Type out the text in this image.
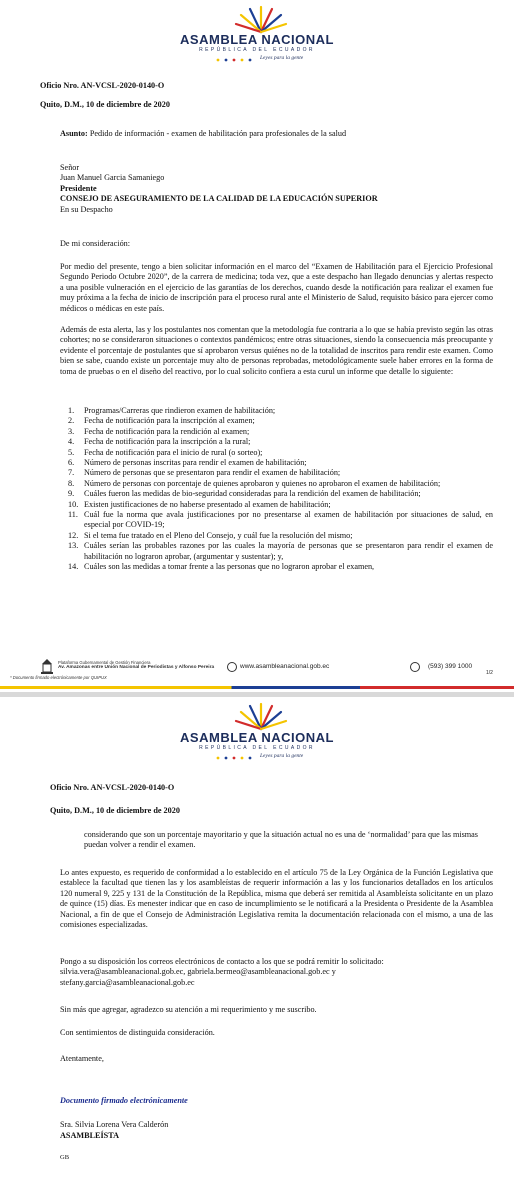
ASAMBLEA NACIONAL
REPÚBLICA DEL ECUADOR
Leyes para la gente
Oficio Nro. AN-VCSL-2020-0140-O
Quito, D.M., 10 de diciembre de 2020
Asunto: Pedido de información - examen de habilitación para profesionales de la salud
Señor
Juan Manuel Garcia Samaniego
Presidente
CONSEJO DE ASEGURAMIENTO DE LA CALIDAD DE LA EDUCACIÓN SUPERIOR
En su Despacho
De mi consideración:
Por medio del presente, tengo a bien solicitar información en el marco del “Examen de Habilitación para el Ejercicio Profesional Segundo Periodo Octubre 2020”, de la carrera de medicina; toda vez, que a este despacho han llegado denuncias y alertas respecto a una posible vulneración en el ejercicio de las garantías de los derechos, cuando desde la notificación para realizar el examen fue muy próxima a la fecha de inicio de inscripción para el proceso rural ante el Ministerio de Salud, requisito básico para ejercer como médicos o médicas en este país.
Además de esta alerta, las y los postulantes nos comentan que la metodología fue contraria a lo que se había previsto según las otras cohortes; no se consideraron situaciones o contextos pandémicos; entre otras situaciones, siendo la consecuencia más preocupante y evidente el porcentaje de postulantes que sí aprobaron versus quiénes no de la totalidad de inscritos para rendir este examen. Como bien se sabe, cuando existe un porcentaje muy alto de personas reprobadas, metodológicamente suele haber errores en la forma de toma de pruebas o en el diseño del reactivo, por lo cual solicito confiera a esta curul un informe que detalle lo siguiente:
1. Programas/Carreras que rindieron examen de habilitación;
2. Fecha de notificación para la inscripción al examen;
3. Fecha de notificación para la rendición al examen;
4. Fecha de notificación para la inscripción a la rural;
5. Fecha de notificación para el inicio de rural (o sorteo);
6. Número de personas inscritas para rendir el examen de habilitación;
7. Número de personas que se presentaron para rendir el examen de habilitación;
8. Número de personas con porcentaje de quienes aprobaron y quienes no aprobaron el examen de habilitación;
9. Cuáles fueron las medidas de bio-seguridad consideradas para la rendición del examen de habilitación;
10. Existen justificaciones de no haberse presentado al examen de habilitación;
11. Cuál fue la norma que avala justificaciones por no presentarse al examen de habilitación por situaciones de salud, en especial por COVID-19;
12. Si el tema fue tratado en el Pleno del Consejo, y cuál fue la resolución del mismo;
13. Cuáles serían las probables razones por las cuales la mayoría de personas que se presentaron para rendir el examen de habilitación no lograron aprobar, (argumentar y sustentar); y,
14. Cuáles son las medidas a tomar frente a las personas que no lograron aprobar el examen,
Plataforma Gubernamental de Gestión Financiera
Av. Amazonas entre Unión Nacional de Periodistas y Alfonso Pereira
* Documento firmado electrónicamente por QUIPUX
www.asambleanacional.gob.ec	(593) 399 1000
1/2
ASAMBLEA NACIONAL
REPÚBLICA DEL ECUADOR
Leyes para la gente
Oficio Nro. AN-VCSL-2020-0140-O
Quito, D.M., 10 de diciembre de 2020
considerando que son un porcentaje mayoritario y que la situación actual no es una de ‘normalidad’ para que las mismas puedan volver a rendir el examen.
Lo antes expuesto, es requerido de conformidad a lo establecido en el artículo 75 de la Ley Orgánica de la Función Legislativa que establece la facultad que tienen las y los asambleístas de requerir información a las y los funcionarios detallados en los artículos 120 numeral 9, 225 y 131 de la Constitución de la República, misma que deberá ser remitida al Asambleísta solicitante en un plazo de quince (15) días. Es menester indicar que en caso de incumplimiento se le notificará a la Presidenta o Presidente de la Asamblea Nacional, a fin de que el Consejo de Administración Legislativa remita la documentación relacionada con el mismo, a una de las comisiones especializadas.
Pongo a su disposición los correos electrónicos de contacto a los que se podrá remitir lo solicitado:
silvia.vera@asambleanacional.gob.ec, gabriela.bermeo@asambleanacional.gob.ec y
stefany.garcia@asambleanacional.gob.ec
Sin más que agregar, agradezco su atención a mi requerimiento y me suscribo.
Con sentimientos de distinguida consideración.
Atentamente,
Documento firmado electrónicamente
Sra. Silvia Lorena Vera Calderón
ASAMBLEÍSTA
GB
